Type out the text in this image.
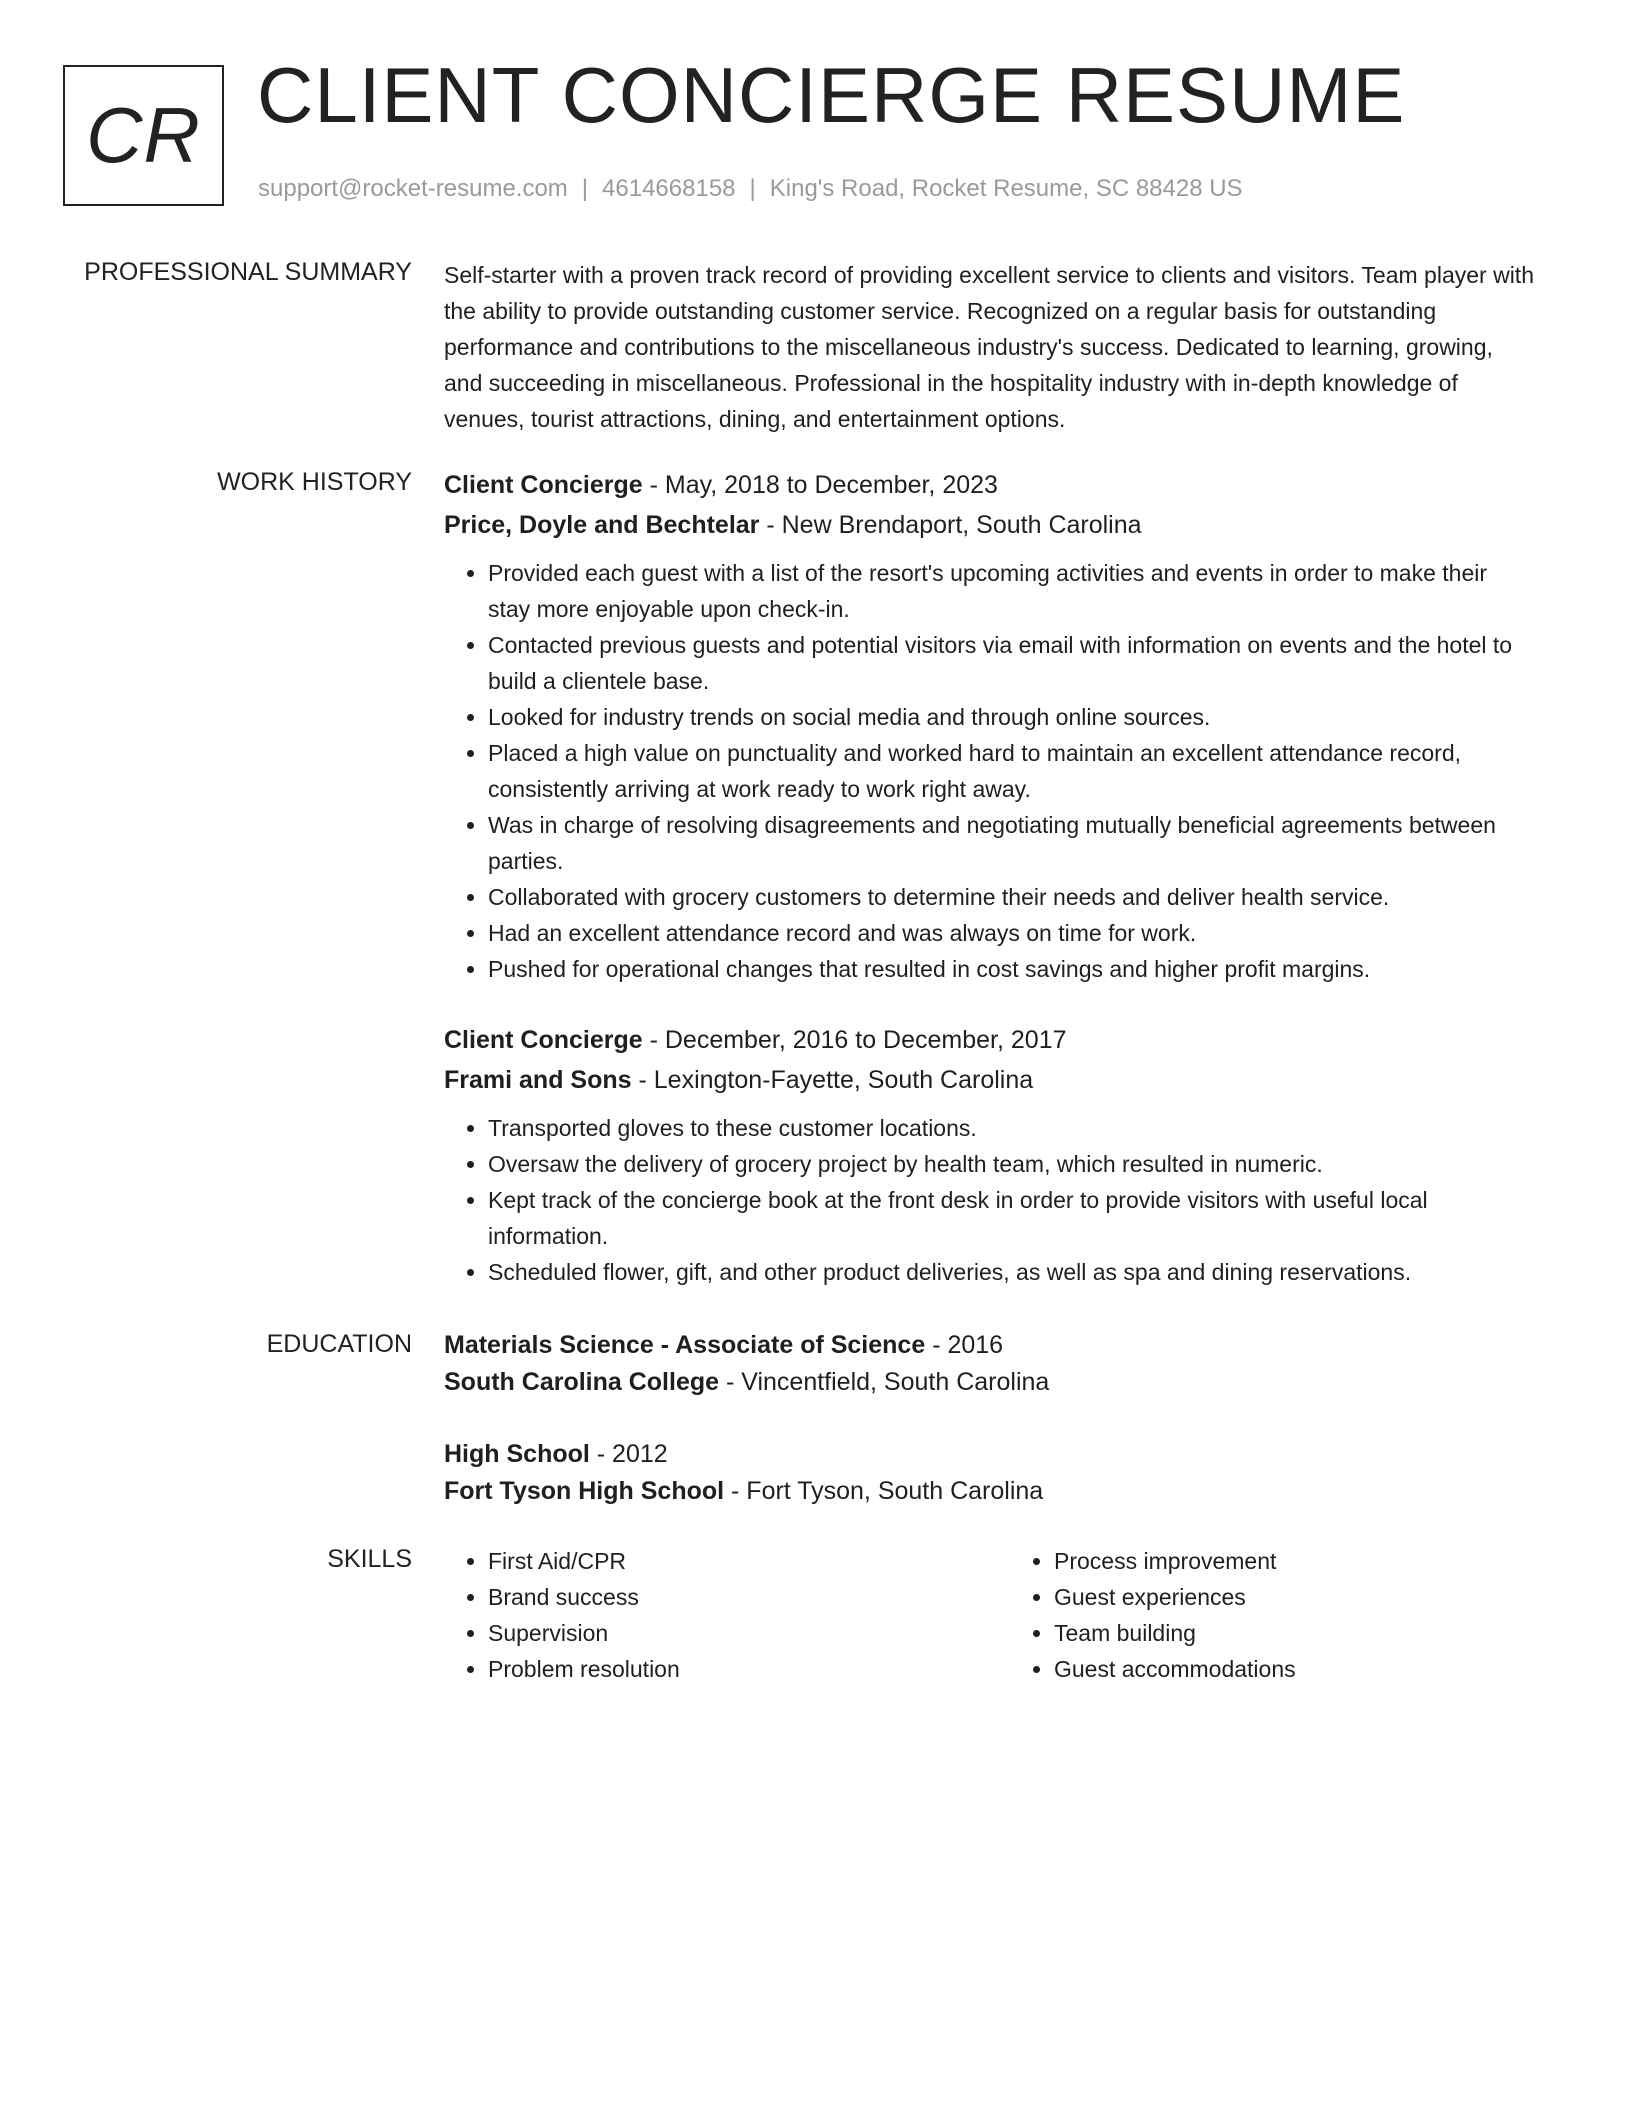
CR CLIENT CONCIERGE RESUME
support@rocket-resume.com | 4614668158 | King's Road, Rocket Resume, SC 88428 US
PROFESSIONAL SUMMARY Self-starter with a proven track record of providing excellent service to clients and visitors. Team player with the ability to provide outstanding customer service. Recognized on a regular basis for outstanding performance and contributions to the miscellaneous industry's success. Dedicated to learning, growing, and succeeding in miscellaneous. Professional in the hospitality industry with in-depth knowledge of venues, tourist attractions, dining, and entertainment options.

WORK HISTORY Client Concierge - May, 2018 to December, 2023
Price, Doyle and Bechtelar - New Brendaport, South Carolina
• Provided each guest with a list of the resort's upcoming activities and events in order to make their stay more enjoyable upon check-in.
• Contacted previous guests and potential visitors via email with information on events and the hotel to build a clientele base.
• Looked for industry trends on social media and through online sources.
• Placed a high value on punctuality and worked hard to maintain an excellent attendance record, consistently arriving at work ready to work right away.
• Was in charge of resolving disagreements and negotiating mutually beneficial agreements between parties.
• Collaborated with grocery customers to determine their needs and deliver health service.
• Had an excellent attendance record and was always on time for work.
• Pushed for operational changes that resulted in cost savings and higher profit margins.
Client Concierge - December, 2016 to December, 2017
Frami and Sons - Lexington-Fayette, South Carolina
• Transported gloves to these customer locations.
• Oversaw the delivery of grocery project by health team, which resulted in numeric.
• Kept track of the concierge book at the front desk in order to provide visitors with useful local information.
• Scheduled flower, gift, and other product deliveries, as well as spa and dining reservations.
EDUCATION Materials Science - Associate of Science - 2016
South Carolina College - Vincentfield, South Carolina
High School - 2012
Fort Tyson High School - Fort Tyson, South Carolina
SKILLS
•	First Aid/CPR
• Brand success
• Supervision
• Problem resolution
• Process improvement
• Guest experiences
• Team building
• Guest accommodations
